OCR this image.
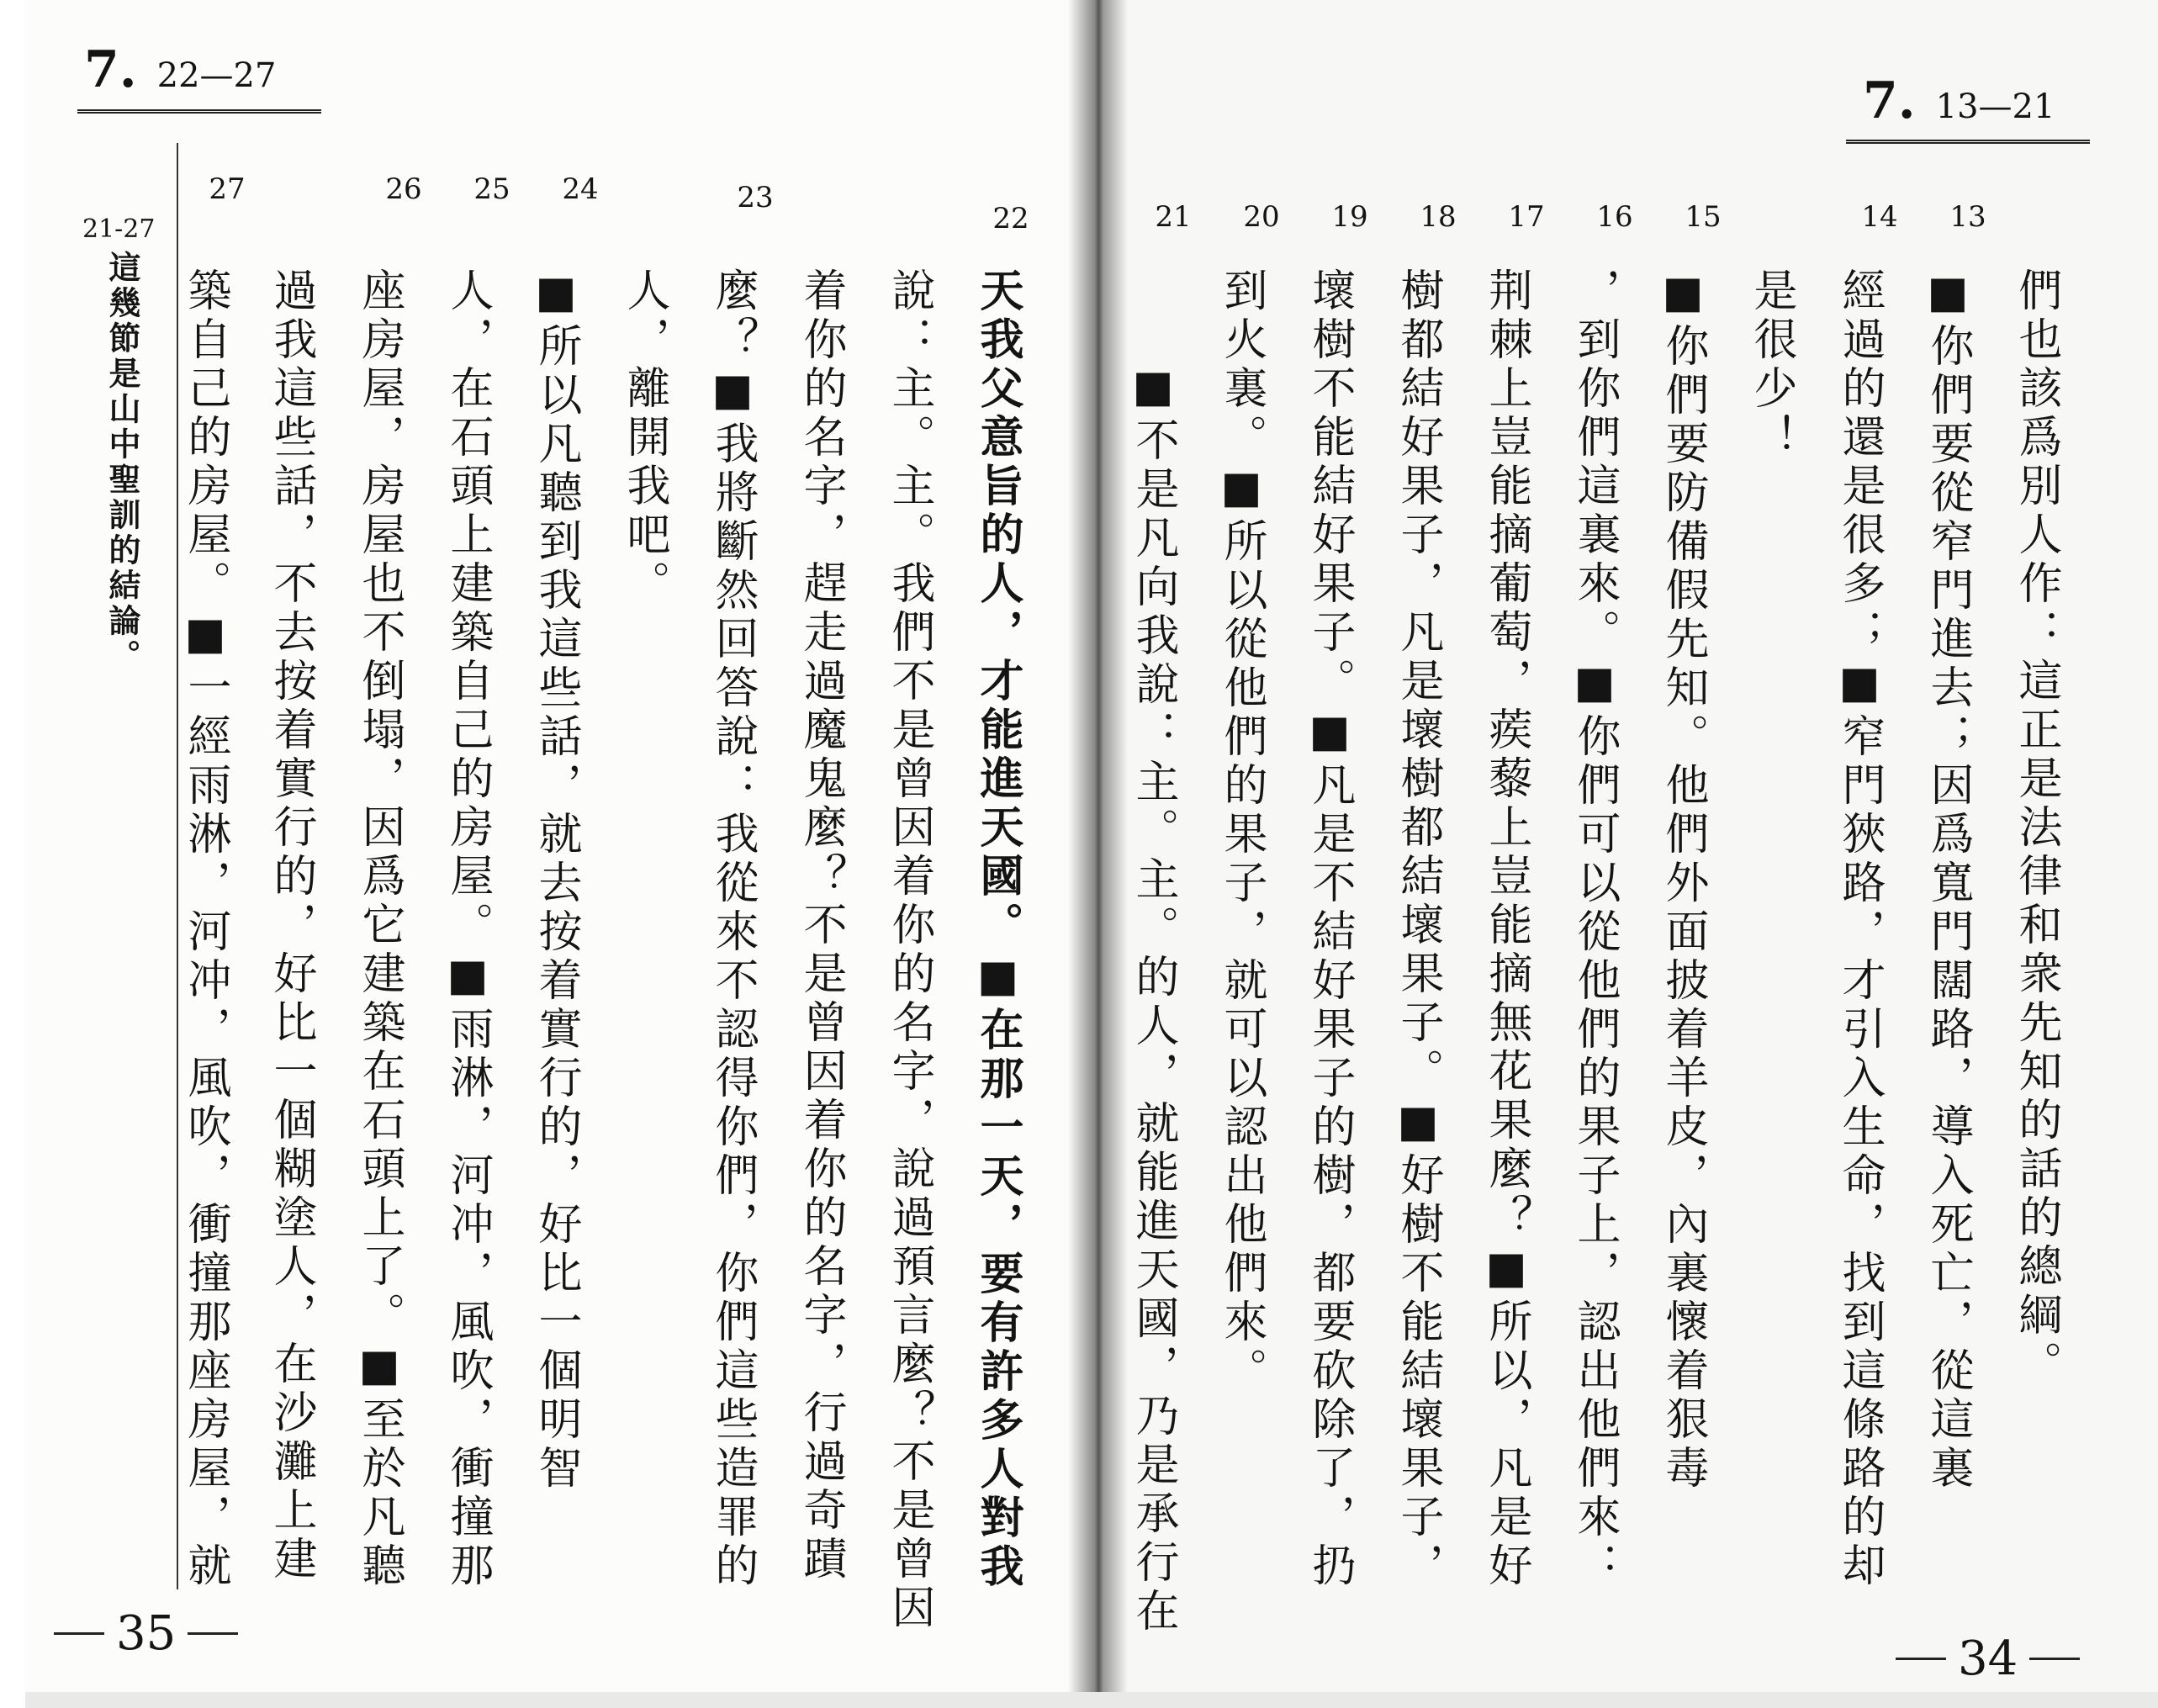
7. 22—27
21-27
這幾節是山中聖訓的結論。
22
23
24
25
26
27
天我父意旨的人，才能進天國。■在那一天，要有許多人對我
說：主。主。我們不是曾因着你的名字，說過預言麼？不是曾因
着你的名字，趕走過魔鬼麼？不是曾因着你的名字，行過奇蹟
麼？■我將斷然回答說：我從來不認得你們，你們這些造罪的
人，離開我吧。
■所以凡聽到我這些話，就去按着實行的，好比一個明智
人，在石頭上建築自己的房屋。■雨淋，河冲，風吹，衝撞那
座房屋，房屋也不倒塌，因爲它建築在石頭上了。■至於凡聽
過我這些話，不去按着實行的，好比一個糊塗人，在沙灘上建
築自己的房屋。■一經雨淋，河冲，風吹，衝撞那座房屋，就
35
7. 13—21
13
14
15
16
17
18
19
20
21
們也該爲別人作：這正是法律和衆先知的話的總綱。
■你們要從窄門進去；因爲寬門闊路，導入死亡，從這裏
經過的還是很多；■窄門狹路，才引入生命，找到這條路的却
是很少！
■你們要防備假先知。他們外面披着羊皮，內裏懷着狠毒
，到你們這裏來。■你們可以從他們的果子上，認出他們來：
荆棘上豈能摘葡萄，蒺藜上豈能摘無花果麼？■所以，凡是好
樹都結好果子，凡是壞樹都結壞果子。■好樹不能結壞果子，
壞樹不能結好果子。■凡是不結好果子的樹，都要砍除了，扔
到火裏。■所以從他們的果子，就可以認出他們來。
■不是凡向我說：主。主。的人，就能進天國，乃是承行在
34
